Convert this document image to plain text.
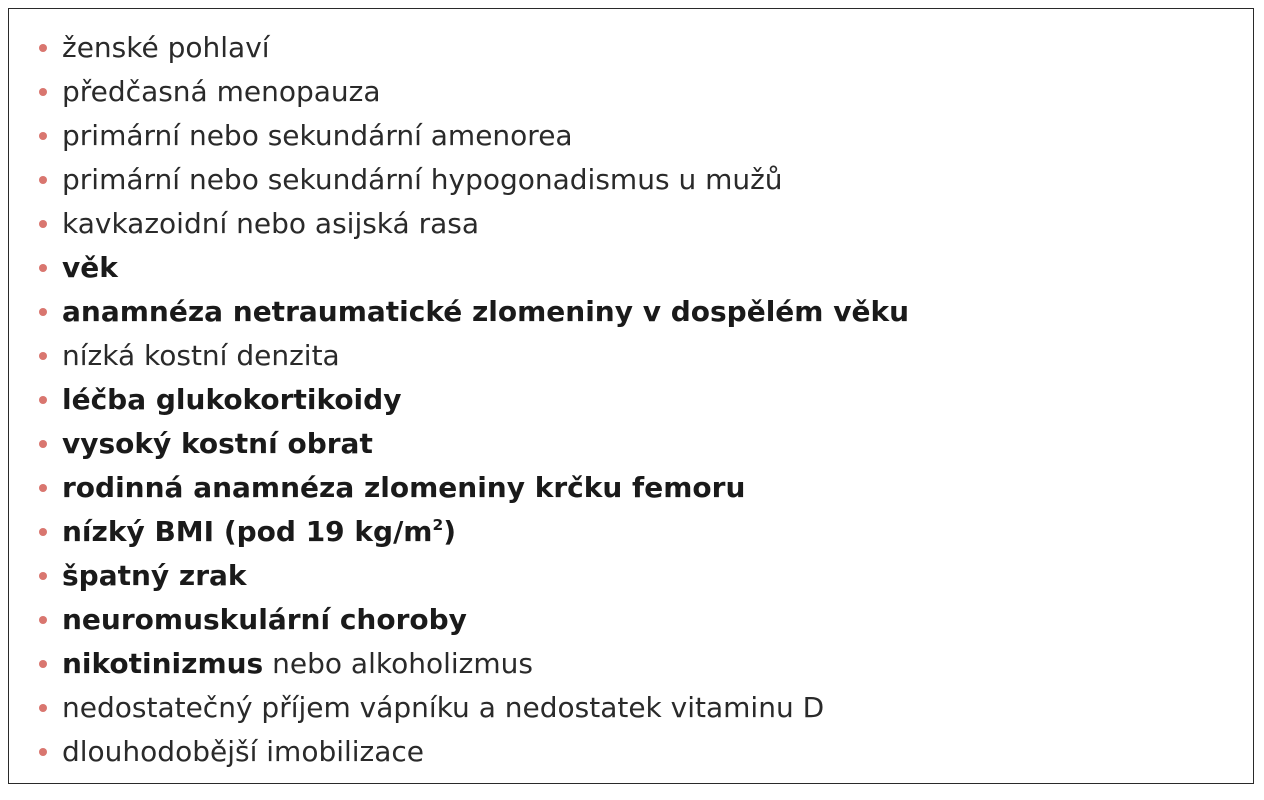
ženské pohlaví
předčasná menopauza
primární nebo sekundární amenorea
primární nebo sekundární hypogonadismus u mužů
kavkazoidní nebo asijská rasa
věk
anamnéza netraumatické zlomeniny v dospělém věku
nízká kostní denzita
léčba glukokortikoidy
vysoký kostní obrat
rodinná anamnéza zlomeniny krčku femoru
nízký BMI (pod 19 $kg/m^2$)
špatný zrak
neuromuskulární choroby
nikotinizmus nebo alkoholizmus
nedostatečný příjem vápníku a nedostatek vitaminu D
dlouhodobější imobilizace
